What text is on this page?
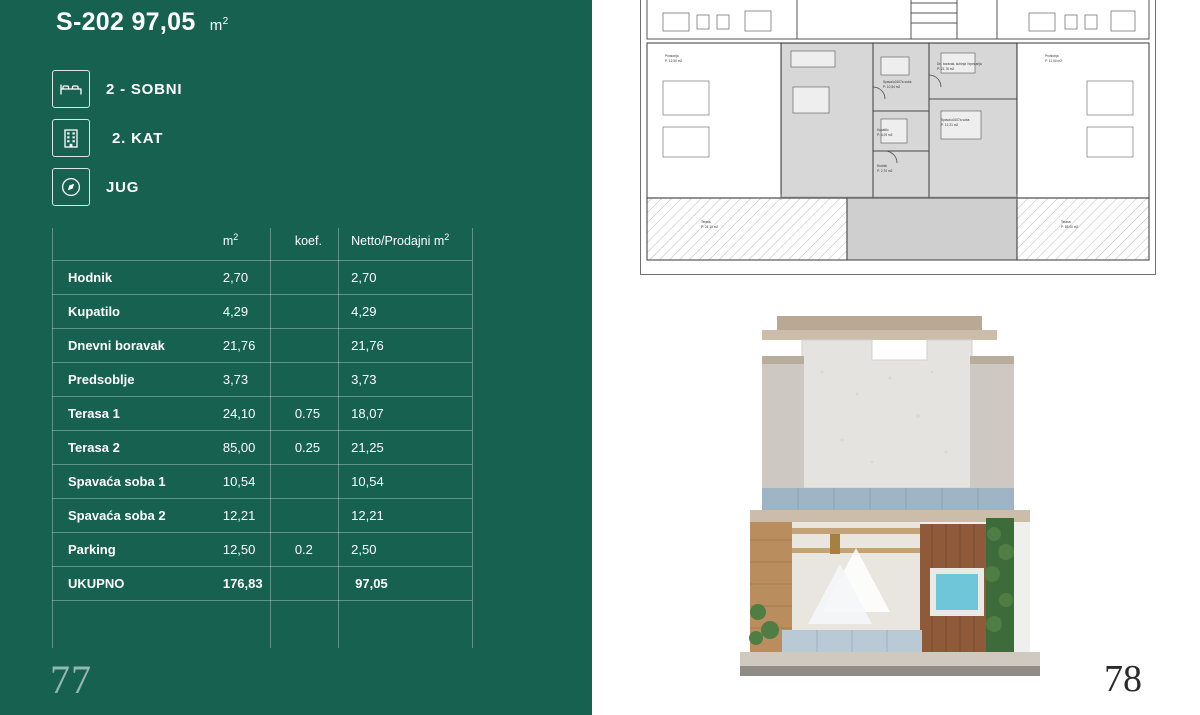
S-202 97,05 $m^2$
2 - SOBNI
2. KAT
JUG
	$m^2$	koef.	Netto/Prodajni $m^2$
Hodnik	2,70		2,70
Kupatilo	4,29		4,29
Dnevni boravak	21,76		21,76
Predsoblje	3,73		3,73
Terasa 1	24,10	0.75	18,07
Terasa 2	85,00	0.25	21,25
Spavaća soba 1	10,54		10,54
Spavaća soba 2	12,21		12,21
Parking	12,50	0.2	2,50
UKUPNO	176,83		97,05
77
Dn. boravak, kuhinja i trpezarija
P: 21,76 m2
Spava\u0107a soba
P: 10,54 m2
Spava\u0107a soba
P: 12,21 m2
Kupatilo
P: 4,29 m2
Hodnik
P: 2,70 m2
Terasa
P: 24,10 m2
Terasa
P: 85,00 m2
Prostorija
P: 12,50 m2
Prostorija
P: 11,00 m2
78
